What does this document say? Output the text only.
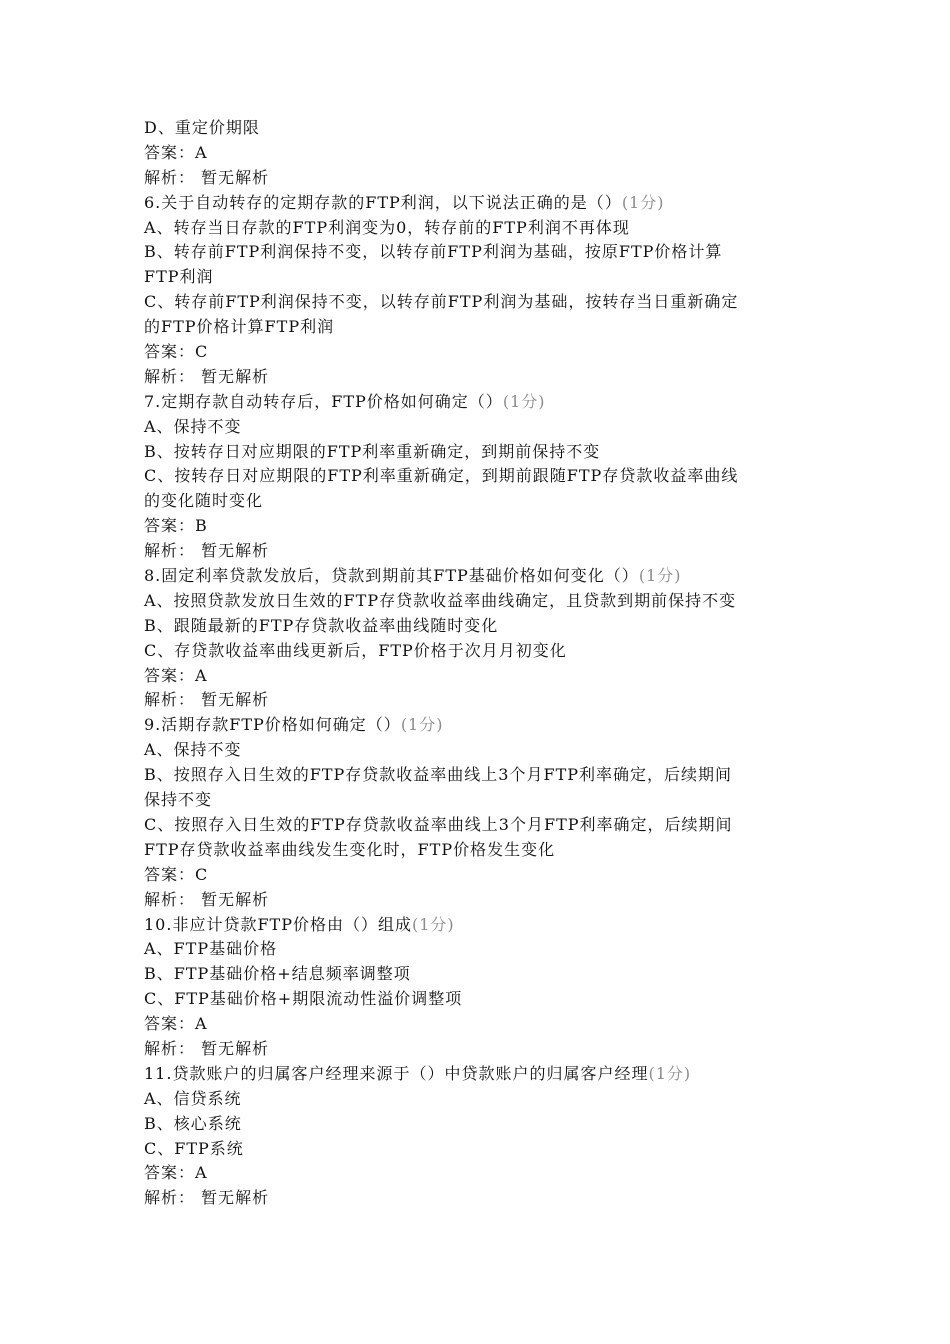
D、重定价期限
答案：A
解析： 暂无解析
6.关于自动转存的定期存款的FTP利润，以下说法正确的是（）(1分)
A、转存当日存款的FTP利润变为0，转存前的FTP利润不再体现
B、转存前FTP利润保持不变，以转存前FTP利润为基础，按原FTP价格计算
FTP利润
C、转存前FTP利润保持不变，以转存前FTP利润为基础，按转存当日重新确定
的FTP价格计算FTP利润
答案：C
解析： 暂无解析
7.定期存款自动转存后，FTP价格如何确定（）(1分)
A、保持不变
B、按转存日对应期限的FTP利率重新确定，到期前保持不变
C、按转存日对应期限的FTP利率重新确定，到期前跟随FTP存贷款收益率曲线
的变化随时变化
答案：B
解析： 暂无解析
8.固定利率贷款发放后，贷款到期前其FTP基础价格如何变化（）(1分)
A、按照贷款发放日生效的FTP存贷款收益率曲线确定，且贷款到期前保持不变
B、跟随最新的FTP存贷款收益率曲线随时变化
C、存贷款收益率曲线更新后，FTP价格于次月月初变化
答案：A
解析： 暂无解析
9.活期存款FTP价格如何确定（）(1分)
A、保持不变
B、按照存入日生效的FTP存贷款收益率曲线上3个月FTP利率确定，后续期间
保持不变
C、按照存入日生效的FTP存贷款收益率曲线上3个月FTP利率确定，后续期间
FTP存贷款收益率曲线发生变化时，FTP价格发生变化
答案：C
解析： 暂无解析
10.非应计贷款FTP价格由（）组成(1分)
A、FTP基础价格
B、FTP基础价格+结息频率调整项
C、FTP基础价格+期限流动性溢价调整项
答案：A
解析： 暂无解析
11.贷款账户的归属客户经理来源于（）中贷款账户的归属客户经理(1分)
A、信贷系统
B、核心系统
C、FTP系统
答案：A
解析： 暂无解析
